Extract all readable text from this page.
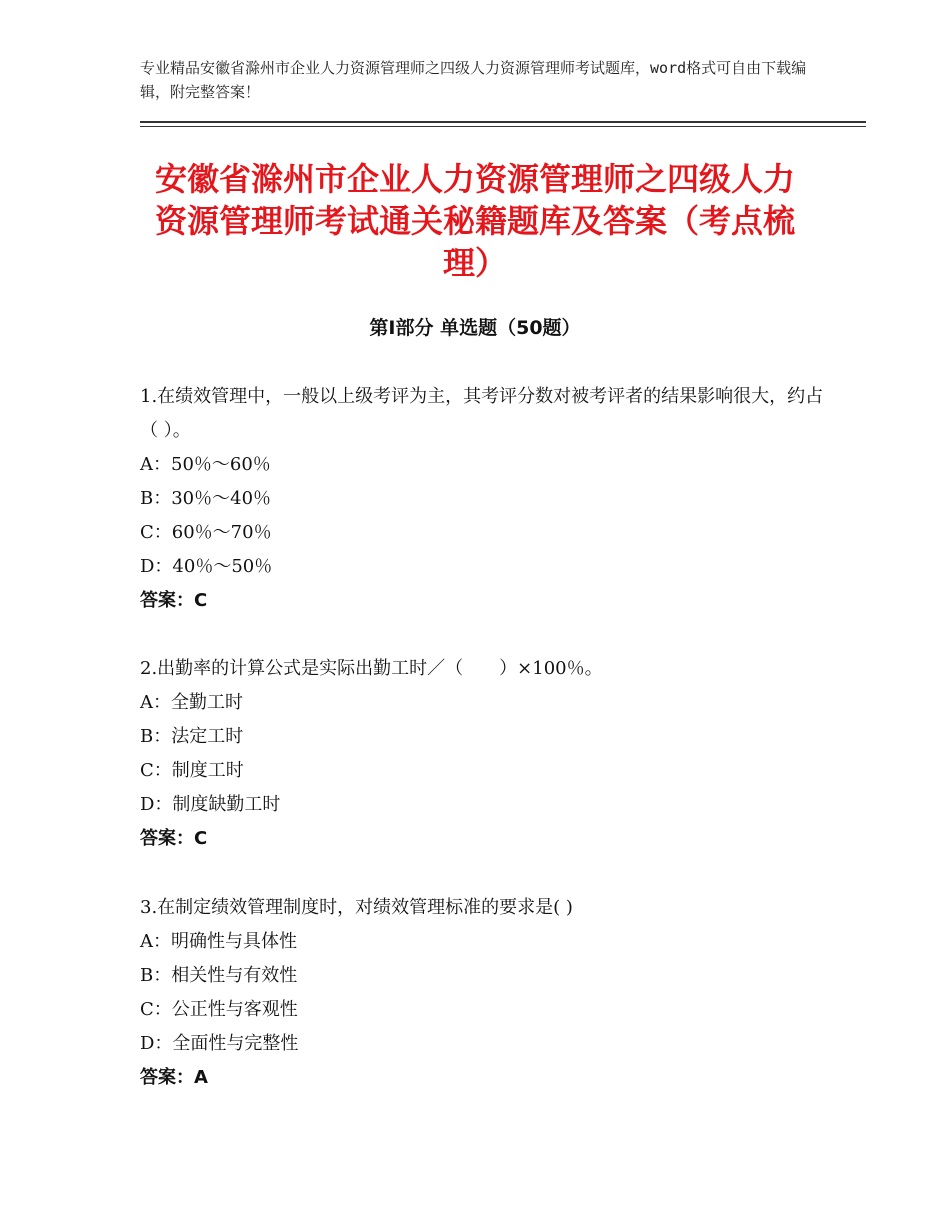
专业精品安徽省滁州市企业人力资源管理师之四级人力资源管理师考试题库，word格式可自由下载编辑，附完整答案！
安徽省滁州市企业人力资源管理师之四级人力资源管理师考试通关秘籍题库及答案（考点梳理）
第Ⅰ部分 单选题（50题）

1.在绩效管理中，一般以上级考评为主，其考评分数对被考评者的结果影响很大，约占（ ）。

A：50％～60％

B：30％～40％

C：60％～70％

D：40％～50％

答案：C

2.出勤率的计算公式是实际出勤工时／（　　）×100％。

A：全勤工时

B：法定工时

C：制度工时

D：制度缺勤工时

答案：C

3.在制定绩效管理制度时，对绩效管理标准的要求是( )

A：明确性与具体性

B：相关性与有效性

C：公正性与客观性

D：全面性与完整性

答案：A
